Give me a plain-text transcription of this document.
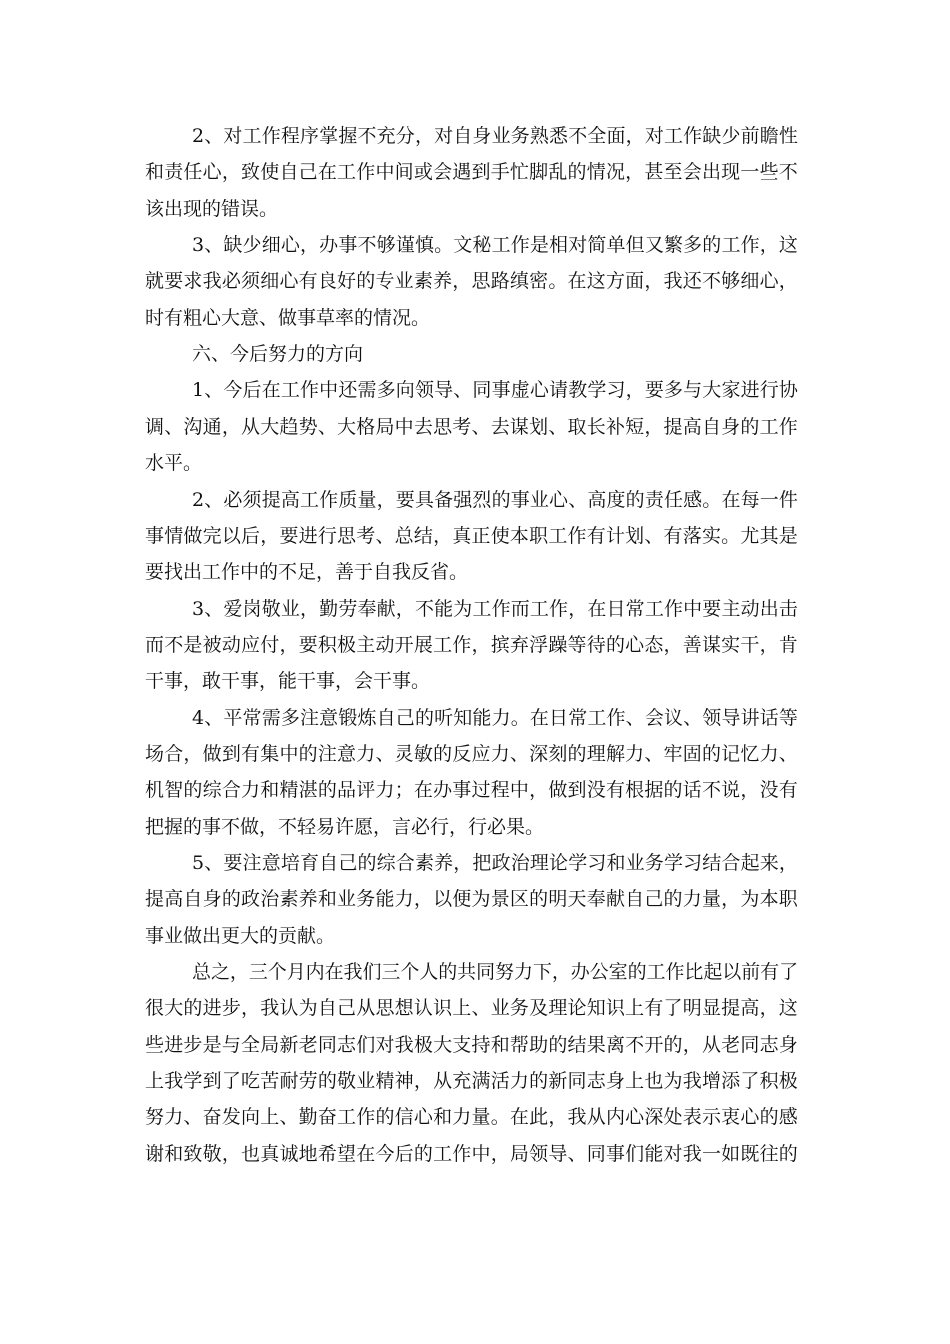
2、对工作程序掌握不充分，对自身业务熟悉不全面，对工作缺少前瞻性
和责任心，致使自己在工作中间或会遇到手忙脚乱的情况，甚至会出现一些不
该出现的错误。
3、缺少细心，办事不够谨慎。文秘工作是相对简单但又繁多的工作，这
就要求我必须细心有良好的专业素养，思路缜密。在这方面，我还不够细心，
时有粗心大意、做事草率的情况。
六、今后努力的方向
1、今后在工作中还需多向领导、同事虚心请教学习，要多与大家进行协
调、沟通，从大趋势、大格局中去思考、去谋划、取长补短，提高自身的工作
水平。
2、必须提高工作质量，要具备强烈的事业心、高度的责任感。在每一件
事情做完以后，要进行思考、总结，真正使本职工作有计划、有落实。尤其是
要找出工作中的不足，善于自我反省。
3、爱岗敬业，勤劳奉献，不能为工作而工作，在日常工作中要主动出击
而不是被动应付，要积极主动开展工作，摈弃浮躁等待的心态，善谋实干，肯
干事，敢干事，能干事，会干事。
4、平常需多注意锻炼自己的听知能力。在日常工作、会议、领导讲话等
场合，做到有集中的注意力、灵敏的反应力、深刻的理解力、牢固的记忆力、
机智的综合力和精湛的品评力；在办事过程中，做到没有根据的话不说，没有
把握的事不做，不轻易许愿，言必行，行必果。
5、要注意培育自己的综合素养，把政治理论学习和业务学习结合起来，
提高自身的政治素养和业务能力，以便为景区的明天奉献自己的力量，为本职
事业做出更大的贡献。
总之，三个月内在我们三个人的共同努力下，办公室的工作比起以前有了
很大的进步，我认为自己从思想认识上、业务及理论知识上有了明显提高，这
些进步是与全局新老同志们对我极大支持和帮助的结果离不开的，从老同志身
上我学到了吃苦耐劳的敬业精神，从充满活力的新同志身上也为我增添了积极
努力、奋发向上、勤奋工作的信心和力量。在此，我从内心深处表示衷心的感
谢和致敬，也真诚地希望在今后的工作中，局领导、同事们能对我一如既往的
